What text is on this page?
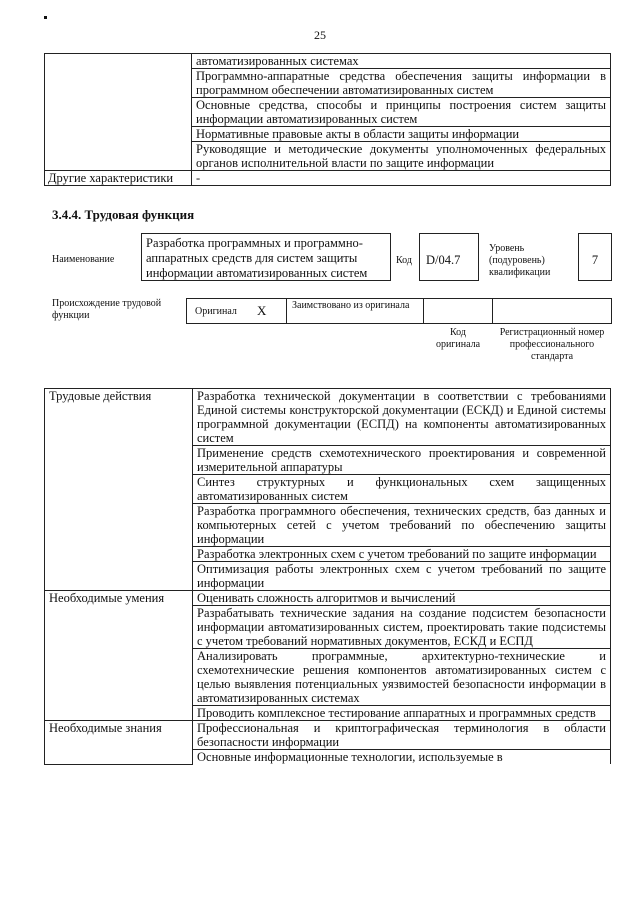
25
	автоматизированных системах
	Программно-аппаратные средства обеспечения защиты информации в программном обеспечении автоматизированных систем
	Основные средства, способы и принципы построения систем защиты информации автоматизированных систем
	Нормативные правовые акты в области защиты информации
	Руководящие и методические документы уполномоченных федеральных органов исполнительной власти по защите информации
Другие характеристики	-
3.4.4. Трудовая функция
Наименование
Разработка программных и программно-аппаратных средств для систем защиты информации автоматизированных систем
Код	D/04.7
Уровень (подуровень) квалификации
7
Происхождение трудовой функции	Оригинал X	Заимствовано из оригинала
Код оригинала
Регистрационный номер профессионального стандарта
Трудовые действия	Разработка технической документации в соответствии с требованиями Единой системы конструкторской документации (ЕСКД) и Единой системы программной документации (ЕСПД) на компоненты автоматизированных систем
	Применение средств схемотехнического проектирования и современной измерительной аппаратуры
	Синтез структурных и функциональных схем защищенных автоматизированных систем
	Разработка программного обеспечения, технических средств, баз данных и компьютерных сетей с учетом требований по обеспечению защиты информации
	Разработка электронных схем с учетом требований по защите информации
	Оптимизация работы электронных схем с учетом требований по защите информации
Необходимые умения	Оценивать сложность алгоритмов и вычислений
	Разрабатывать технические задания на создание подсистем безопасности информации автоматизированных систем, проектировать такие подсистемы с учетом требований нормативных документов, ЕСКД и ЕСПД
	Анализировать программные, архитектурно-технические и схемотехнические решения компонентов автоматизированных систем с целью выявления потенциальных уязвимостей безопасности информации в автоматизированных системах
	Проводить комплексное тестирование аппаратных и программных средств
Необходимые знания	Профессиональная и криптографическая терминология в области безопасности информации
	Основные информационные технологии, используемые в
